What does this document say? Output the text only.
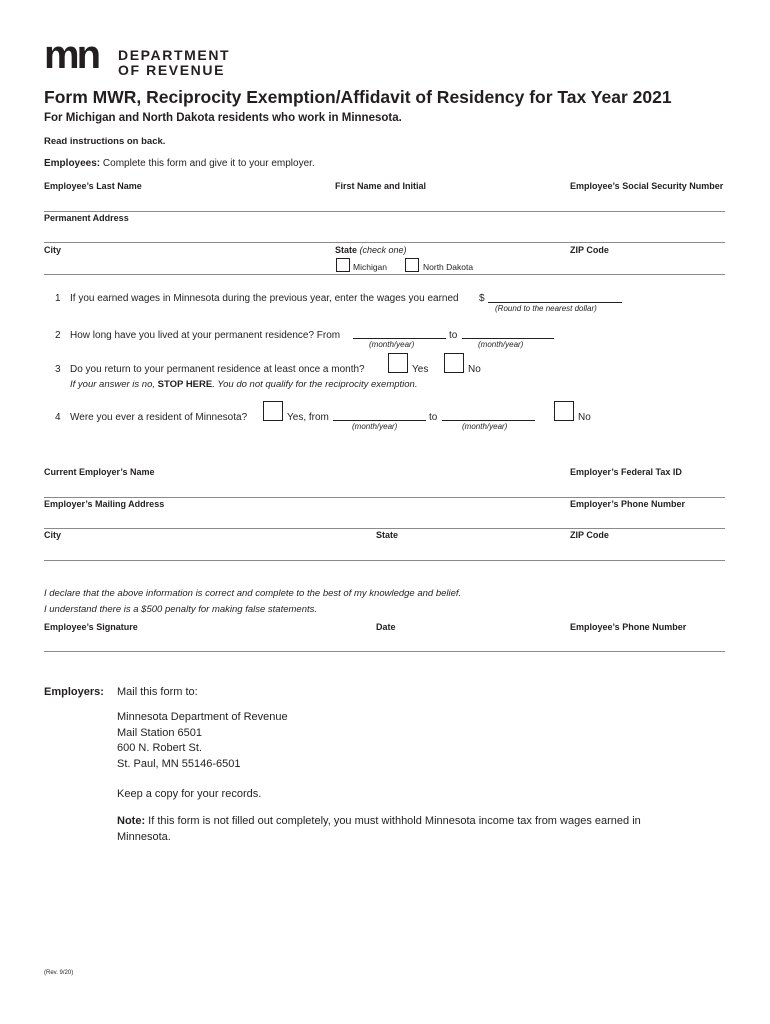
mn DEPARTMENT
OF REVENUE
Form MWR, Reciprocity Exemption/Affidavit of Residency for Tax Year 2021
For Michigan and North Dakota residents who work in Minnesota.
Read instructions on back.
Employees: Complete this form and give it to your employer.
Employee’s Last Name	First Name and Initial	Employee’s Social Security Number
Permanent Address
City	State (check one)	ZIP Code
Michigan	North Dakota
1 If you earned wages in Minnesota during the previous year, enter the wages you earned $
(Round to the nearest dollar)
2 How long have you lived at your permanent residence? From
(month/year)
to
(month/year)
3 Do you return to your permanent residence at least once a month?	Yes	No
If your answer is no, STOP HERE. You do not qualify for the reciprocity exemption.
4 Were you ever a resident of Minnesota?	Yes, from
(month/year)
to
(month/year)
No
Current Employer’s Name	Employer’s Federal Tax ID
Employer’s Mailing Address	Employer’s Phone Number
City	State	ZIP Code
I declare that the above information is correct and complete to the best of my knowledge and belief.
I understand there is a $500 penalty for making false statements.
Employee’s Signature	Date	Employee’s Phone Number
Employers: Mail this form to:
Minnesota Department of Revenue
Mail Station 6501
600 N. Robert St.
St. Paul, MN 55146-6501
Keep a copy for your records.
Note: If this form is not filled out completely, you must withhold Minnesota income tax from wages earned in
Minnesota.
(Rev. 9/20)
